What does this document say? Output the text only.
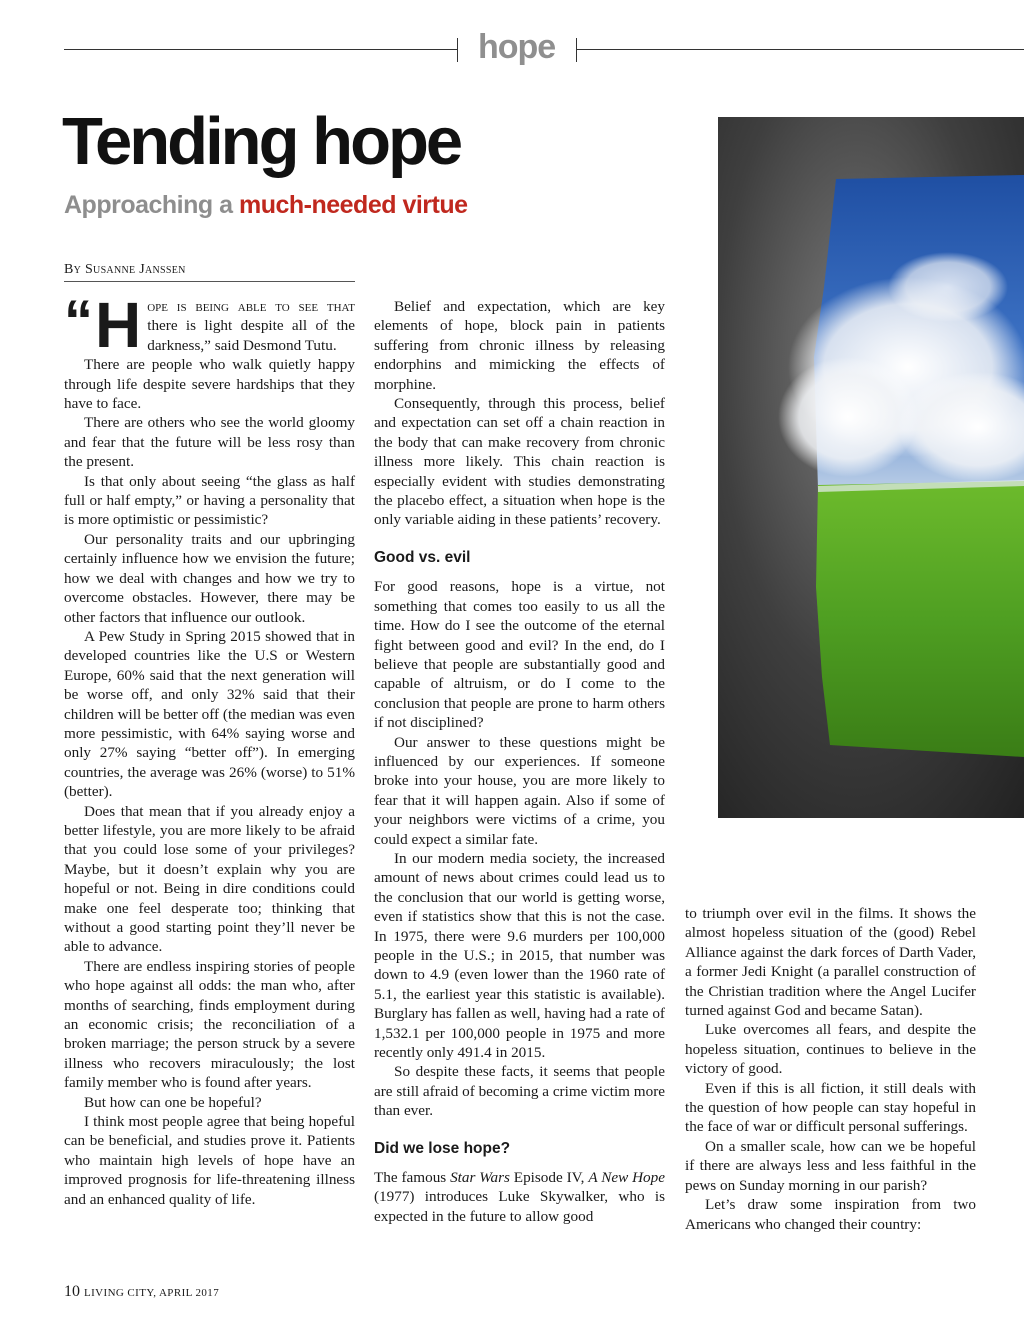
hope
Tending hope
Approaching a much-needed virtue
By Susanne Janssen

“ H ope is being able to see that there is light despite all of the darkness,” said Desmond Tutu.

There are people who walk quietly happy through life despite severe hardships that they have to face.

There are others who see the world gloomy and fear that the future will be less rosy than the present.

Is that only about seeing “the glass as half full or half empty,” or having a personality that is more optimistic or pessimistic?

Our personality traits and our upbringing certainly influence how we envision the future; how we deal with changes and how we try to overcome obstacles. However, there may be other factors that influence our outlook.

A Pew Study in Spring 2015 showed that in developed countries like the U.S or Western Europe, 60% said that the next generation will be worse off, and only 32% said that their children will be better off (the median was even more pessimistic, with 64% saying worse and only 27% saying “better off”). In emerging countries, the average was 26% (worse) to 51% (better).

Does that mean that if you already enjoy a better lifestyle, you are more likely to be afraid that you could lose some of your privileges? Maybe, but it doesn’t explain why you are hopeful or not. Being in dire conditions could make one feel desperate too; thinking that without a good starting point they’ll never be able to advance.

There are endless inspiring stories of people who hope against all odds: the man who, after months of searching, finds employment during an economic crisis; the reconciliation of a broken marriage; the person struck by a severe illness who recovers miraculously; the lost family member who is found after years.

But how can one be hopeful?

I think most people agree that being hopeful can be beneficial, and studies prove it. Patients who maintain high levels of hope have an improved prognosis for life-threatening illness and an enhanced quality of life.

Belief and expectation, which are key elements of hope, block pain in patients suffering from chronic illness by releasing endorphins and mimicking the effects of morphine.

Consequently, through this process, belief and expectation can set off a chain reaction in the body that can make recovery from chronic illness more likely. This chain reaction is especially evident with studies demonstrating the placebo effect, a situation when hope is the only variable aiding in these patients’ recovery.

Good vs. evil

For good reasons, hope is a virtue, not something that comes too easily to us all the time. How do I see the outcome of the eternal fight between good and evil? In the end, do I believe that people are substantially good and capable of altruism, or do I come to the conclusion that people are prone to harm others if not disciplined?

Our answer to these questions might be influenced by our experiences. If someone broke into your house, you are more likely to fear that it will happen again. Also if some of your neighbors were victims of a crime, you could expect a similar fate.

In our modern media society, the increased amount of news about crimes could lead us to the conclusion that our world is getting worse, even if statistics show that this is not the case. In 1975, there were 9.6 murders per 100,000 people in the U.S.; in 2015, that number was down to 4.9 (even lower than the 1960 rate of 5.1, the earliest year this statistic is available). Burglary has fallen as well, having had a rate of 1,532.1 per 100,000 people in 1975 and more recently only 491.4 in 2015.

So despite these facts, it seems that people are still afraid of becoming a crime victim more than ever.

Did we lose hope?

The famous Star Wars Episode IV, A New Hope (1977) introduces Luke Skywalker, who is expected in the future to allow good

to triumph over evil in the films. It shows the almost hopeless situation of the (good) Rebel Alliance against the dark forces of Darth Vader, a former Jedi Knight (a parallel construction of the Christian tradition where the Angel Lucifer turned against God and became Satan).

Luke overcomes all fears, and despite the hopeless situation, continues to believe in the victory of good.

Even if this is all fiction, it still deals with the question of how people can stay hopeful in the face of war or difficult personal sufferings.

On a smaller scale, how can we be hopeful if there are always less and less faithful in the pews on Sunday morning in our parish?

Let’s draw some inspiration from two Americans who changed their country:

10 LIVING CITY, APRIL 2017
